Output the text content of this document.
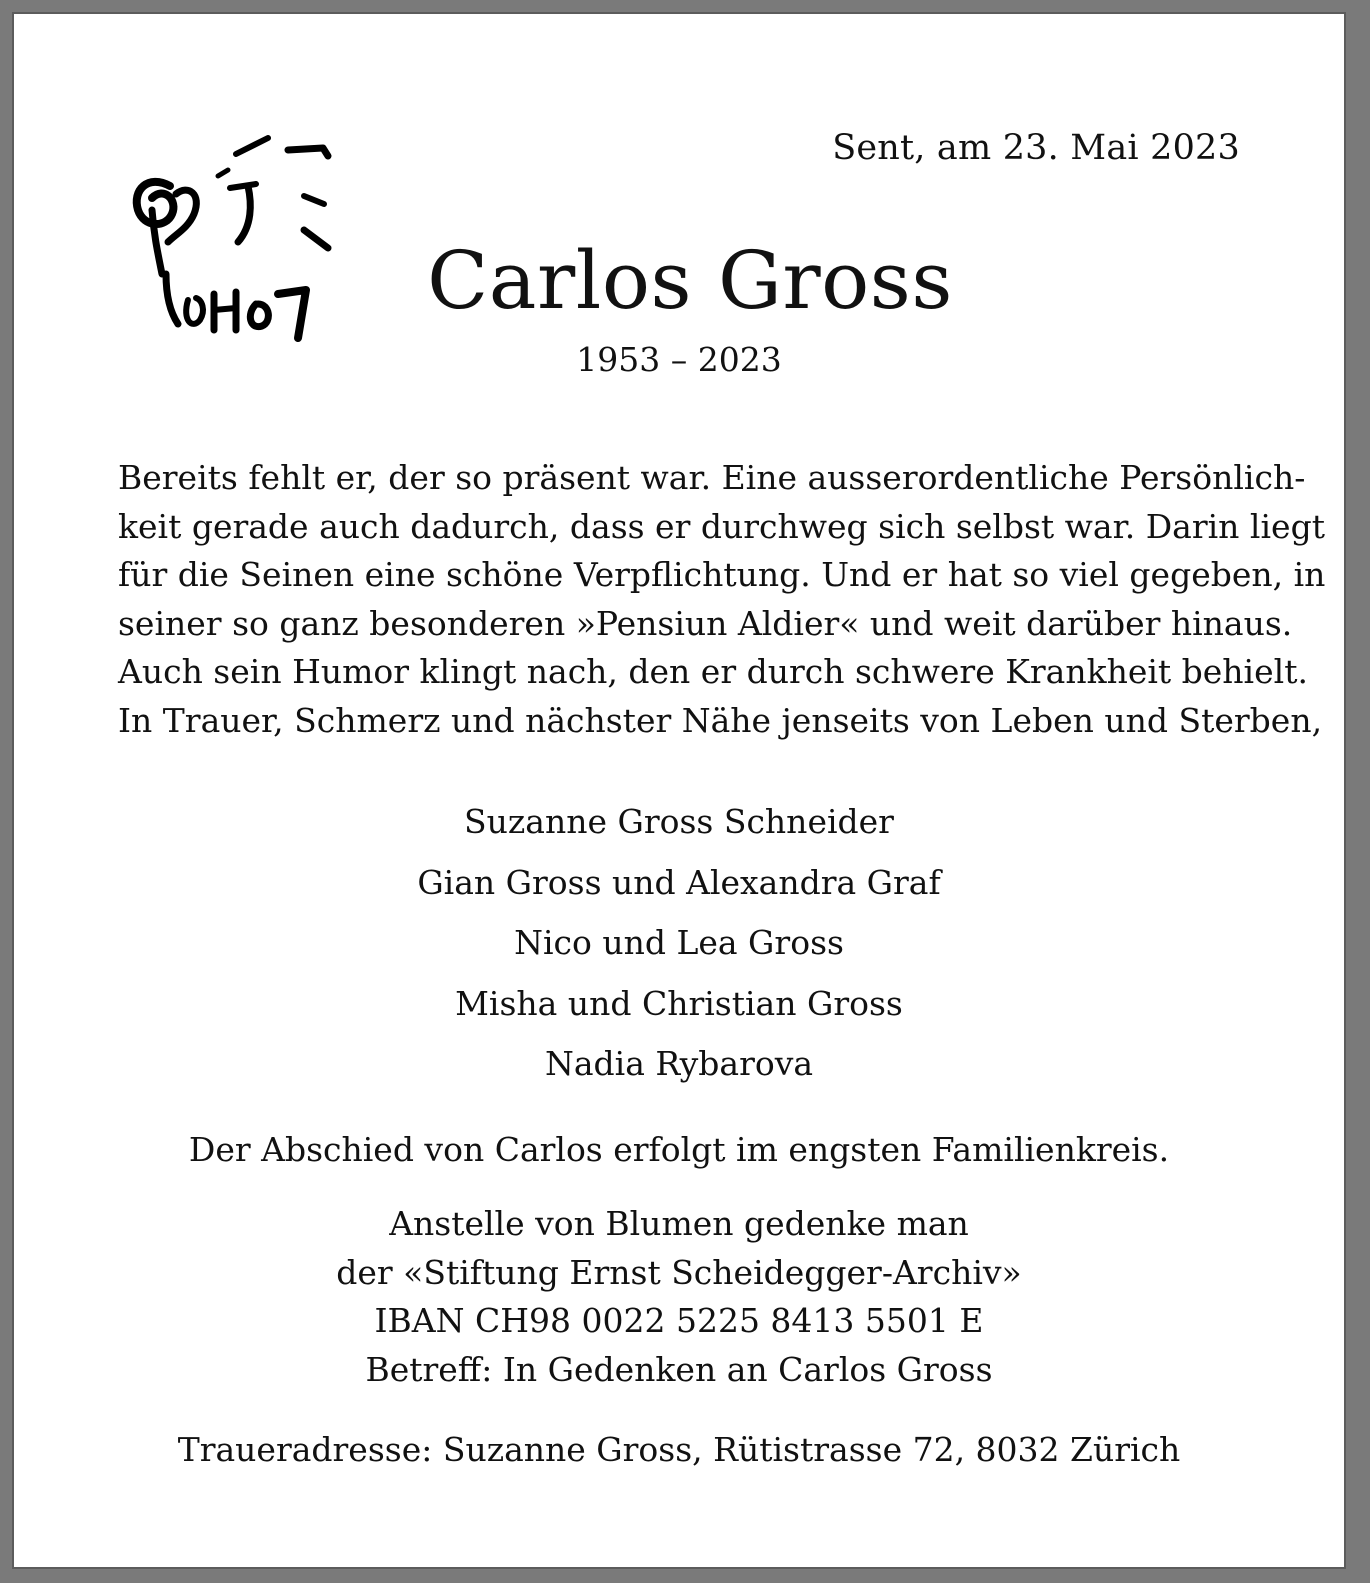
Sent, am 23. Mai 2023
Carlos Gross
1953 – 2023
Bereits fehlt er, der so präsent war. Eine ausserordentliche Persönlich-
keit gerade auch dadurch, dass er durchweg sich selbst war. Darin liegt
für die Seinen eine schöne Verpflichtung. Und er hat so viel gegeben, in
seiner so ganz besonderen »Pensiun Aldier« und weit darüber hinaus.
Auch sein Humor klingt nach, den er durch schwere Krankheit behielt.
In Trauer, Schmerz und nächster Nähe jenseits von Leben und Sterben,
Suzanne Gross Schneider
Gian Gross und Alexandra Graf
Nico und Lea Gross
Misha und Christian Gross
Nadia Rybarova
Der Abschied von Carlos erfolgt im engsten Familienkreis.
Anstelle von Blumen gedenke man
der «Stiftung Ernst Scheidegger-Archiv»
IBAN CH98 0022 5225 8413 5501 E
Betreff: In Gedenken an Carlos Gross
Traueradresse: Suzanne Gross, Rütistrasse 72, 8032 Zürich
